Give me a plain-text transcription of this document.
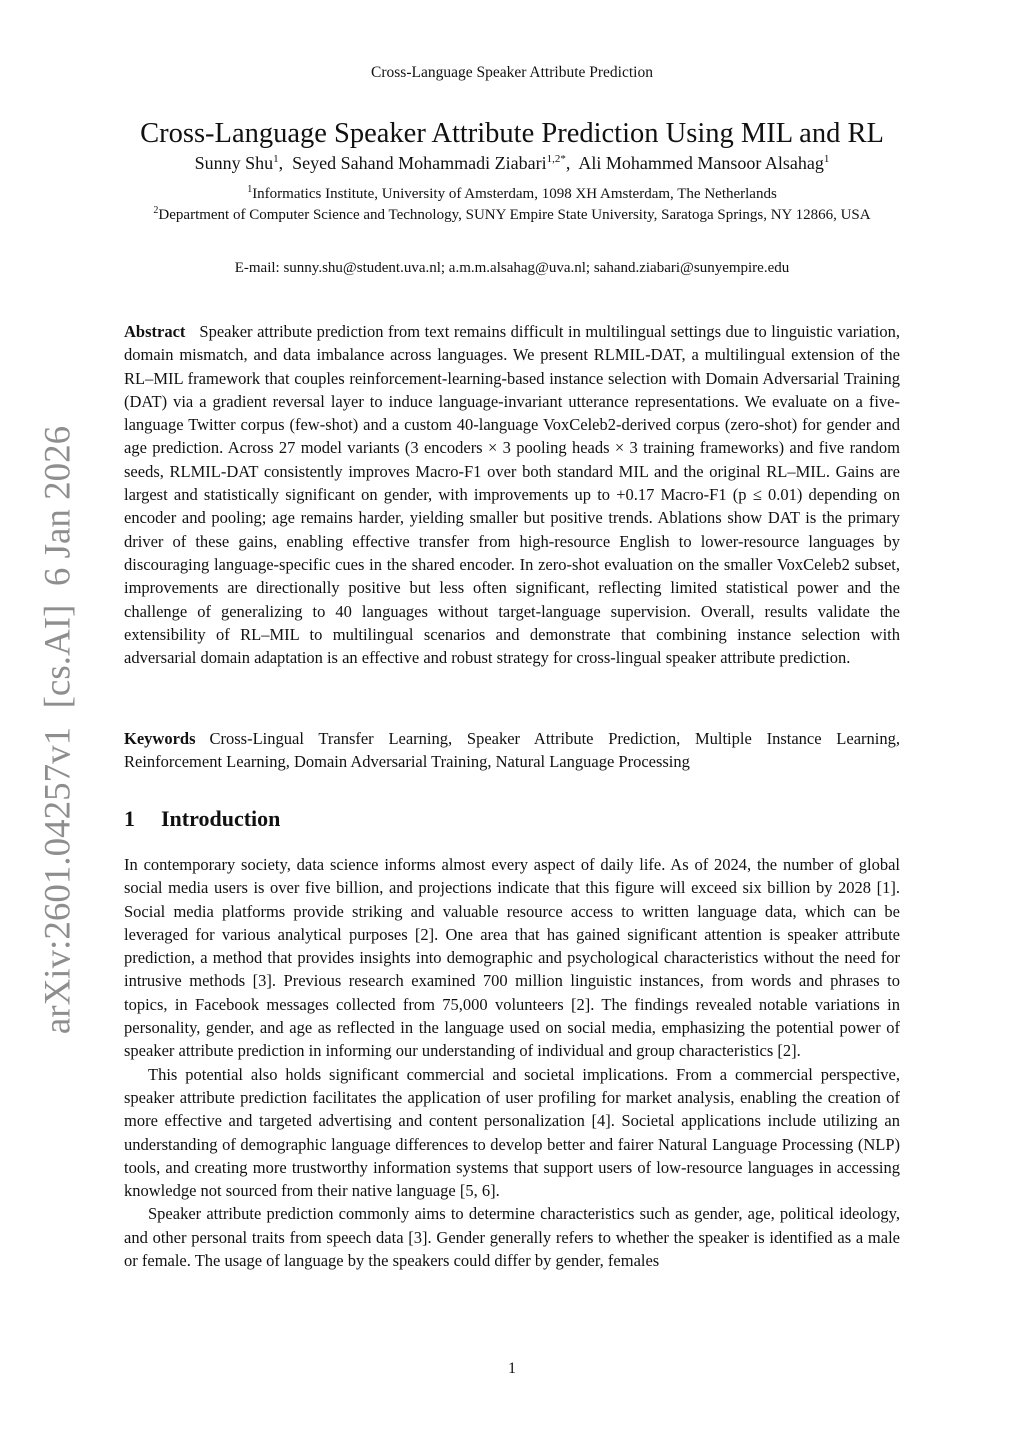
Cross-Language Speaker Attribute Prediction
arXiv:2601.04257v1  [cs.AI]  6 Jan 2026
Cross-Language Speaker Attribute Prediction Using MIL and RL
Sunny Shu$^1$,  Seyed Sahand Mohammadi Ziabari$^{1,2*}$,  Ali Mohammed Mansoor Alsahag$^1$
$^1$Informatics Institute, University of Amsterdam, 1098 XH Amsterdam, The Netherlands
$^2$Department of Computer Science and Technology, SUNY Empire State University, Saratoga Springs, NY 12866, USA
E-mail: sunny.shu@student.uva.nl; a.m.m.alsahag@uva.nl; sahand.ziabari@sunyempire.edu

Abstract Speaker attribute prediction from text remains difficult in multilingual settings due to linguistic variation, domain mismatch, and data imbalance across languages. We present RLMIL-DAT, a multilingual extension of the RL–MIL framework that couples reinforcement-learning-based instance selection with Domain Adversarial Training (DAT) via a gradient reversal layer to induce language-invariant utterance representations. We evaluate on a five-language Twitter corpus (few-shot) and a custom 40-language VoxCeleb2-derived corpus (zero-shot) for gender and age prediction. Across 27 model variants (3 encoders × 3 pooling heads × 3 training frameworks) and five random seeds, RLMIL-DAT consistently improves Macro-F1 over both standard MIL and the original RL–MIL. Gains are largest and statistically significant on gender, with improvements up to +0.17 Macro-F1 (p ≤ 0.01) depending on encoder and pooling; age remains harder, yielding smaller but positive trends. Ablations show DAT is the primary driver of these gains, enabling effective transfer from high-resource English to lower-resource languages by discouraging language-specific cues in the shared encoder. In zero-shot evaluation on the smaller VoxCeleb2 subset, improvements are directionally positive but less often significant, reflecting limited statistical power and the challenge of generalizing to 40 languages without target-language supervision. Overall, results validate the extensibility of RL–MIL to multilingual scenarios and demonstrate that combining instance selection with adversarial domain adaptation is an effective and robust strategy for cross-lingual speaker attribute prediction.

Keywords Cross-Lingual Transfer Learning, Speaker Attribute Prediction, Multiple Instance Learning, Reinforcement Learning, Domain Adversarial Training, Natural Language Processing

1 Introduction

In contemporary society, data science informs almost every aspect of daily life. As of 2024, the number of global social media users is over five billion, and projections indicate that this figure will exceed six billion by 2028 [1]. Social media platforms provide striking and valuable resource access to written language data, which can be leveraged for various analytical purposes [2]. One area that has gained significant attention is speaker attribute prediction, a method that provides insights into demographic and psychological characteristics without the need for intrusive methods [3]. Previous research examined 700 million linguistic instances, from words and phrases to topics, in Facebook messages collected from 75,000 volunteers [2]. The findings revealed notable variations in personality, gender, and age as reflected in the language used on social media, emphasizing the potential power of speaker attribute prediction in informing our understanding of individual and group characteristics [2].

This potential also holds significant commercial and societal implications. From a commercial perspective, speaker attribute prediction facilitates the application of user profiling for market analysis, enabling the creation of more effective and targeted advertising and content personalization [4]. Societal applications include utilizing an understanding of demographic language differences to develop better and fairer Natural Language Processing (NLP) tools, and creating more trustworthy information systems that support users of low-resource languages in accessing knowledge not sourced from their native language [5, 6].

Speaker attribute prediction commonly aims to determine characteristics such as gender, age, political ideology, and other personal traits from speech data [3]. Gender generally refers to whether the speaker is identified as a male or female. The usage of language by the speakers could differ by gender, females

1
